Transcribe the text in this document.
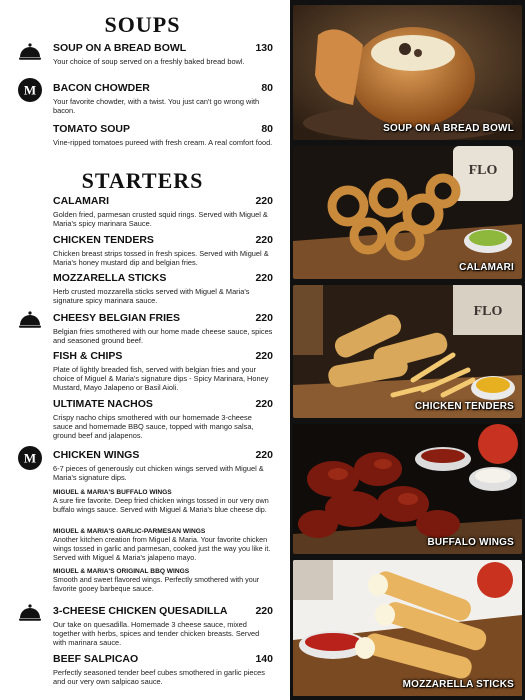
SOUPS
SOUP ON A BREAD BOWL	130
Your choice of soup served on a freshly baked bread bowl.
M BACON CHOWDER	80
Your favorite chowder, with a twist. You just can't go wrong with bacon.
TOMATO SOUP	80
Vine-ripped tomatoes pureed with fresh cream. A real comfort food.
STARTERS
CALAMARI	220
Golden fried, parmesan crusted squid rings. Served with Miguel & Maria's spicy marinara Sauce.
CHICKEN TENDERS	220
Chicken breast strips tossed in fresh spices. Served with Miguel & Maria's honey mustard dip and belgian fries.
MOZZARELLA STICKS	220
Herb crusted mozzarella sticks served with Miguel & Maria's signature spicy marinara sauce.
CHEESY BELGIAN FRIES	220
Belgian fries smothered with our home made cheese sauce, spices and seasoned ground beef.
FISH & CHIPS	220
Plate of lightly breaded fish, served with belgian fries and your choice of Miguel & Maria's signature dips - Spicy Marinara, Honey Mustard, Mayo Jalapeno or Basil Aioli.
ULTIMATE NACHOS	220
Crispy nacho chips smothered with our homemade 3-cheese sauce and homemade BBQ sauce, topped with mango salsa, ground beef and jalapenos.
M CHICKEN WINGS	220
6-7 pieces of generously cut chicken wings served with Miguel & Maria's signature dips.
MIGUEL & MARIA'S BUFFALO WINGS
A sure fire favorite. Deep fried chicken wings tossed in our very own buffalo wings sauce. Served with Miguel & Maria's blue cheese dip.
MIGUEL & MARIA'S GARLIC-PARMESAN WINGS
Another kitchen creation from Miguel & Maria. Your favorite chicken wings tossed in garlic and parmesan, cooked just the way you like it. Served with Miguel & Maria's jalapeno mayo.
MIGUEL & MARIA'S ORIGINAL BBQ WINGS
Smooth and sweet flavored wings. Perfectly smothered with your favorite gooey barbeque sauce.
3-CHEESE CHICKEN QUESADILLA	220
Our take on quesadilla. Homemade 3 cheese sauce, mixed together with herbs, spices and tender chicken breasts. Served with marinara sauce.
BEEF SALPICAO	140
Perfectly seasoned tender beef cubes smothered in garlic pieces and our very own salpicao sauce.
SOUP ON A BREAD BOWL
FLO
CALAMARI
FLO
CHICKEN TENDERS
BUFFALO WINGS
MOZZARELLA STICKS
